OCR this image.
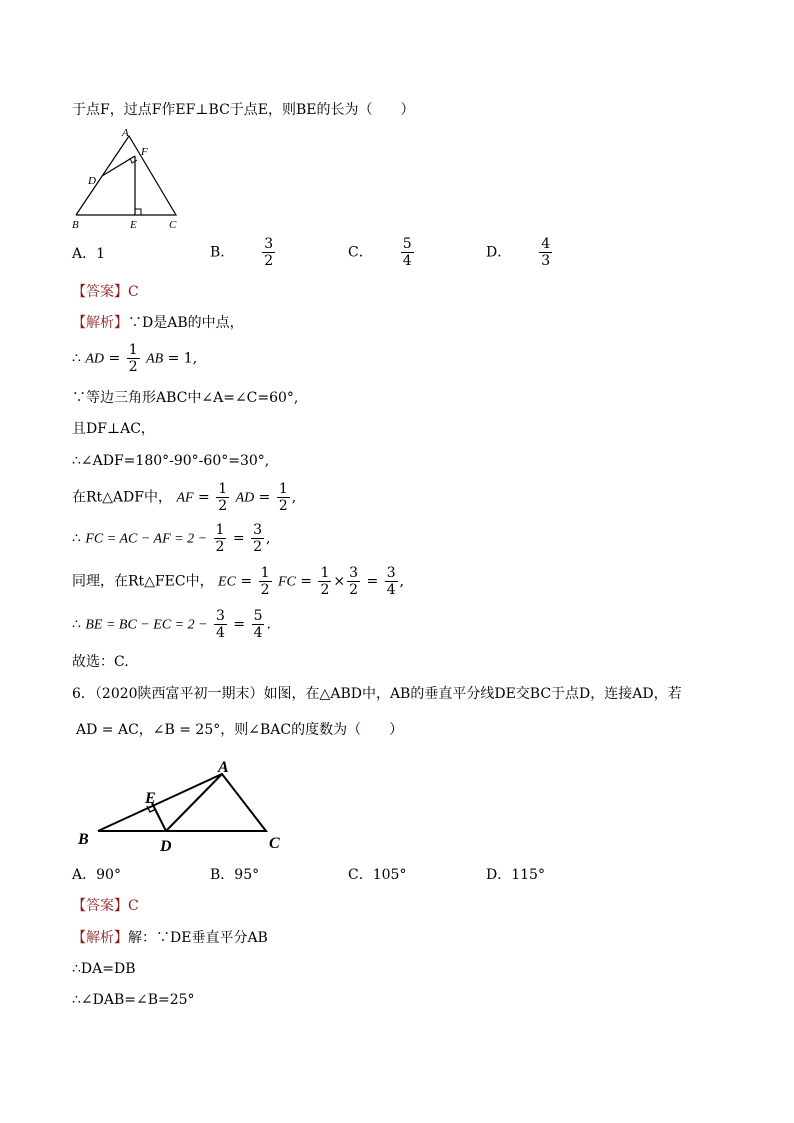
于点F，过点F作EF⊥BC于点E，则BE的长为（　　）
A
F
D
B	E	C
A．1	B． $\frac{3}{2}$	C． $\frac{5}{4}$	D． $\frac{4}{3}$
【答案】C
【解析】∵D是AB的中点，
∴ AD = $\frac{1}{2}$ AB = 1,
∵等边三角形ABC中∠A=∠C=60°,
且DF⊥AC，
∴∠ADF=180°-90°-60°=30°,
在Rt△ADF中， AF = $\frac{1}{2}$ AD = $\frac{1}{2}$ ,
∴ FC = AC − AF = $2 - \frac{1}{2} = \frac{3}{2}$ ,
同理，在Rt△FEC中， EC = $\frac{1}{2}$ FC = $\frac{1}{2} \times \frac{3}{2} = \frac{3}{4}$ ,
∴ BE = BC − EC = $2 - \frac{3}{4} = \frac{5}{4}$ .
故选：C.
6．（2020陕西富平初一期末）如图，在△ABD中，AB的垂直平分线DE交BC于点D，连接AD，若
AD = AC，∠B = 25°，则∠BAC的度数为（　　）
A
E
B	D	C
A．90°	B．95°	C．105°	D．115°
【答案】C
【解析】解：∵DE垂直平分AB
∴DA=DB
∴∠DAB=∠B=25°
